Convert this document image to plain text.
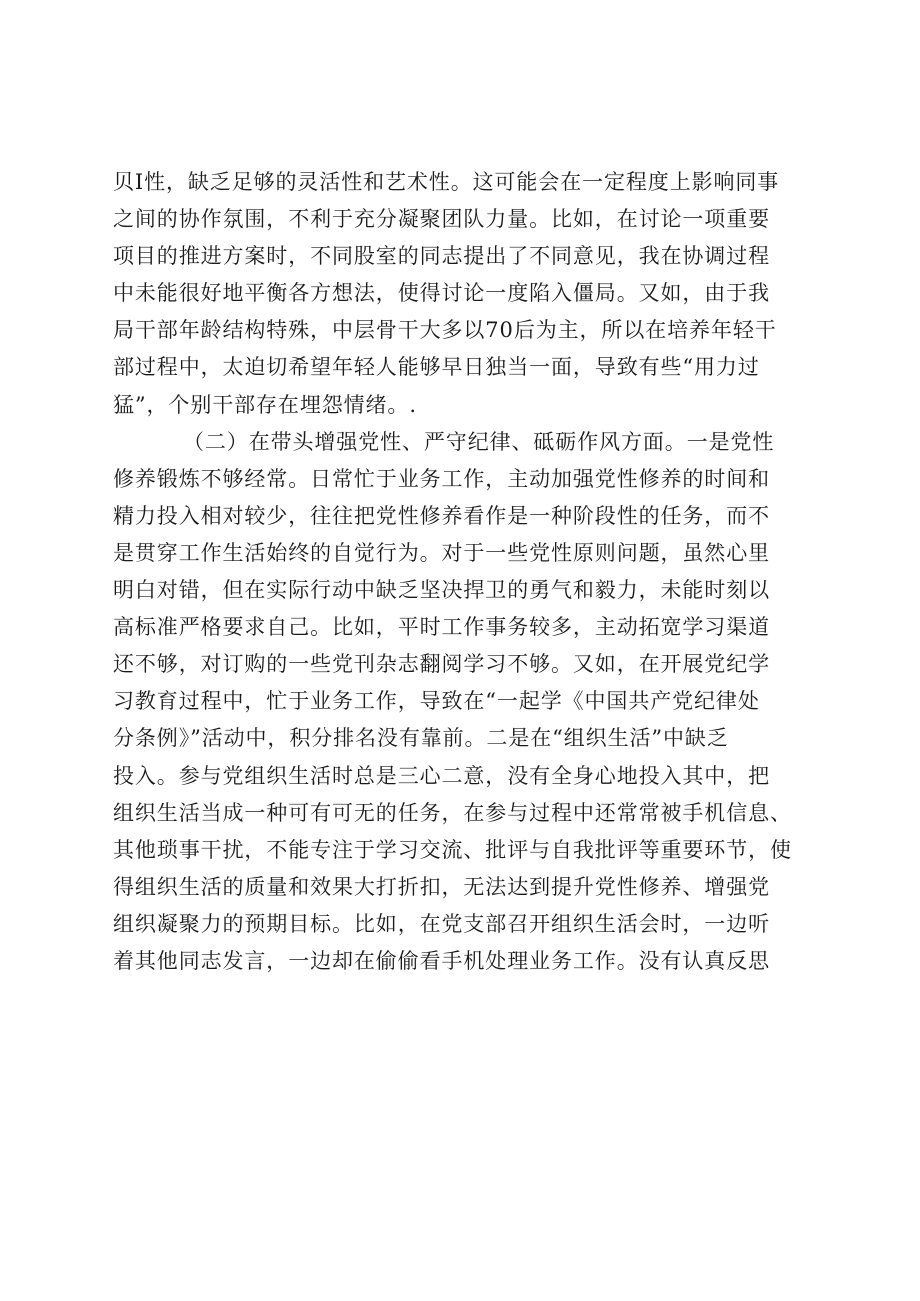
贝I性，缺乏足够的灵活性和艺术性。这可能会在一定程度上影响同事
之间的协作氛围，不利于充分凝聚团队力量。比如，在讨论一项重要
项目的推进方案时，不同股室的同志提出了不同意见，我在协调过程
中未能很好地平衡各方想法，使得讨论一度陷入僵局。又如，由于我
局干部年龄结构特殊，中层骨干大多以70后为主，所以在培养年轻干
部过程中，太迫切希望年轻人能够早日独当一面，导致有些“用力过
猛”，个别干部存在埋怨情绪。.
（二）在带头增强党性、严守纪律、砥砺作风方面。一是党性
修养锻炼不够经常。日常忙于业务工作，主动加强党性修养的时间和
精力投入相对较少，往往把党性修养看作是一种阶段性的任务，而不
是贯穿工作生活始终的自觉行为。对于一些党性原则问题，虽然心里
明白对错，但在实际行动中缺乏坚决捍卫的勇气和毅力，未能时刻以
高标准严格要求自己。比如，平时工作事务较多，主动拓宽学习渠道
还不够，对订购的一些党刊杂志翻阅学习不够。又如，在开展党纪学
习教育过程中，忙于业务工作，导致在“一起学《中国共产党纪律处
分条例》”活动中，积分排名没有靠前。二是在“组织生活”中缺乏
投入。参与党组织生活时总是三心二意，没有全身心地投入其中，把
组织生活当成一种可有可无的任务，在参与过程中还常常被手机信息、
其他琐事干扰，不能专注于学习交流、批评与自我批评等重要环节，使
得组织生活的质量和效果大打折扣，无法达到提升党性修养、增强党
组织凝聚力的预期目标。比如，在党支部召开组织生活会时，一边听
着其他同志发言，一边却在偷偷看手机处理业务工作。没有认真反思
